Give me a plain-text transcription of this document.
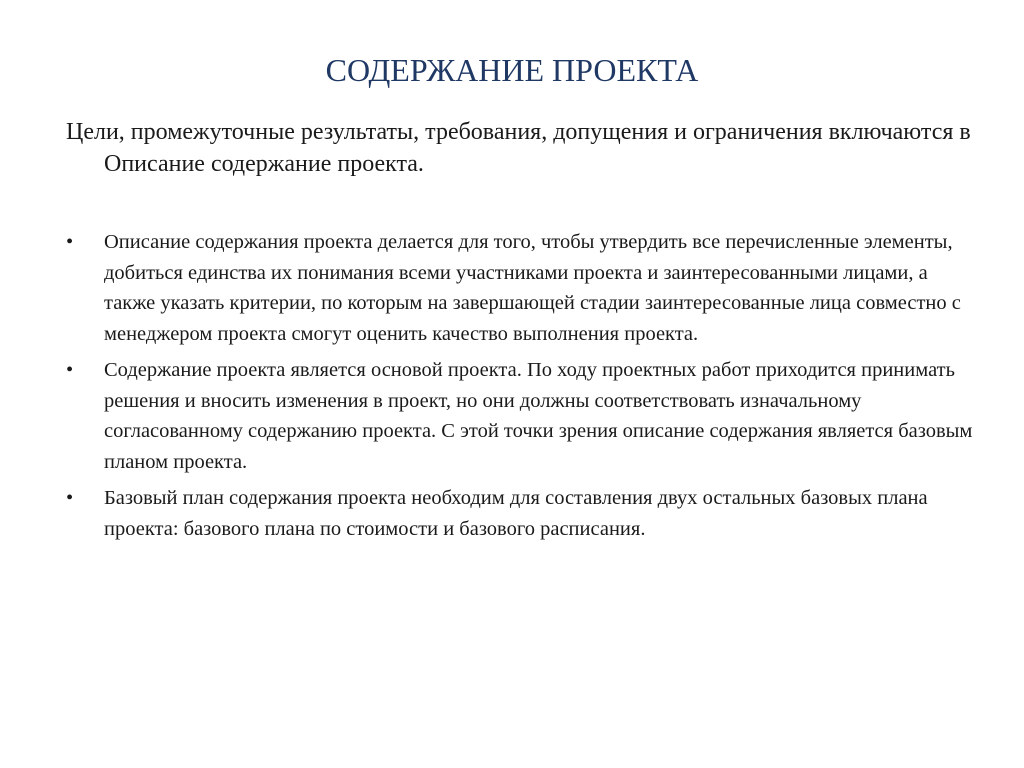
СОДЕРЖАНИЕ ПРОЕКТА

Цели, промежуточные результаты, требования, допущения и ограничения включаются в Описание содержание проекта.

• Описание содержания проекта делается для того, чтобы утвердить все перечисленные элементы, добиться единства их понимания всеми участниками проекта и заинтересованными лицами, а также указать критерии, по которым на завершающей стадии заинтересованные лица совместно с менеджером проекта смогут оценить качество выполнения проекта.
• Содержание проекта является основой проекта. По ходу проектных работ приходится принимать решения и вносить изменения в проект, но они должны соответствовать изначальному согласованному содержанию проекта. С этой точки зрения описание содержания является базовым планом проекта.
• Базовый план содержания проекта необходим для составления двух остальных базовых плана проекта: базового плана по стоимости и базового расписания.
